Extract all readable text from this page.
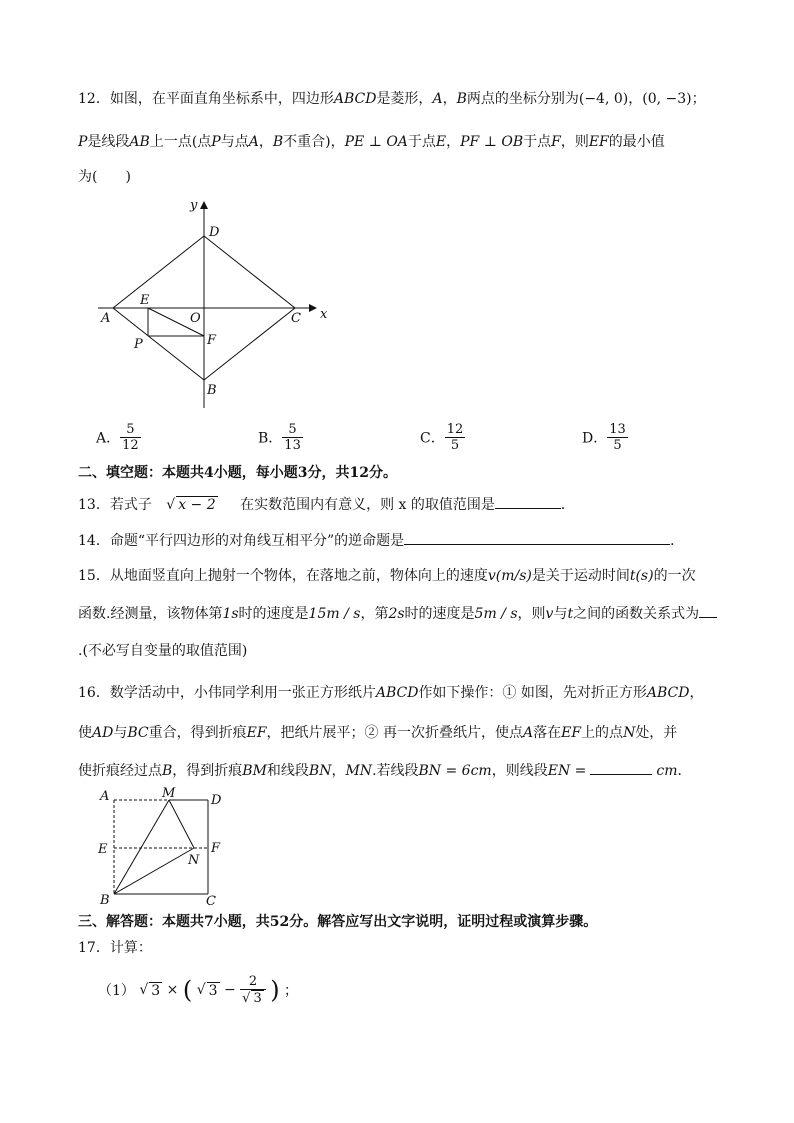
12．如图，在平面直角坐标系中，四边形ABCD是菱形，A，B两点的坐标分别为(−4, 0)，(0, −3)；
P是线段AB上一点(点P与点A，B不重合)，PE ⊥ OA于点E，PF ⊥ OB于点F，则EF的最小值
为(　　)
y
x
D
E
O
A	C
P	F
B
A． $\frac{5}{12}$	B． $\frac{5}{13}$	C． $\frac{12}{5}$	D． $\frac{13}{5}$
二、填空题：本题共4小题，每小题3分，共12分。
13．若式子 √ x − 2 在实数范围内有意义，则 x 的取值范围是	．
14．命题“平行四边形的对角线互相平分”的逆命题是	．
15．从地面竖直向上抛射一个物体，在落地之前，物体向上的速度v(m/s)是关于运动时间t(s)的一次
函数.经测量，该物体第1s时的速度是15m / s，第2s时的速度是5m / s，则v与t之间的函数关系式为
.(不必写自变量的取值范围)
16．数学活动中，小伟同学利用一张正方形纸片ABCD作如下操作：① 如图，先对折正方形ABCD，
使AD与BC重合，得到折痕EF，把纸片展平；② 再一次折叠纸片，使点A落在EF上的点N处，并
使折痕经过点B，得到折痕BM和线段BN，MN.若线段BN = 6cm，则线段EN =	cm．
A	M	D
E	F
N
B	C
三、解答题：本题共7小题，共52分。解答应写出文字说明，证明过程或演算步骤。
17．计算：
（1） √ 3 × ( √ $3 - \frac{2}{√ 3}$ ) ；
